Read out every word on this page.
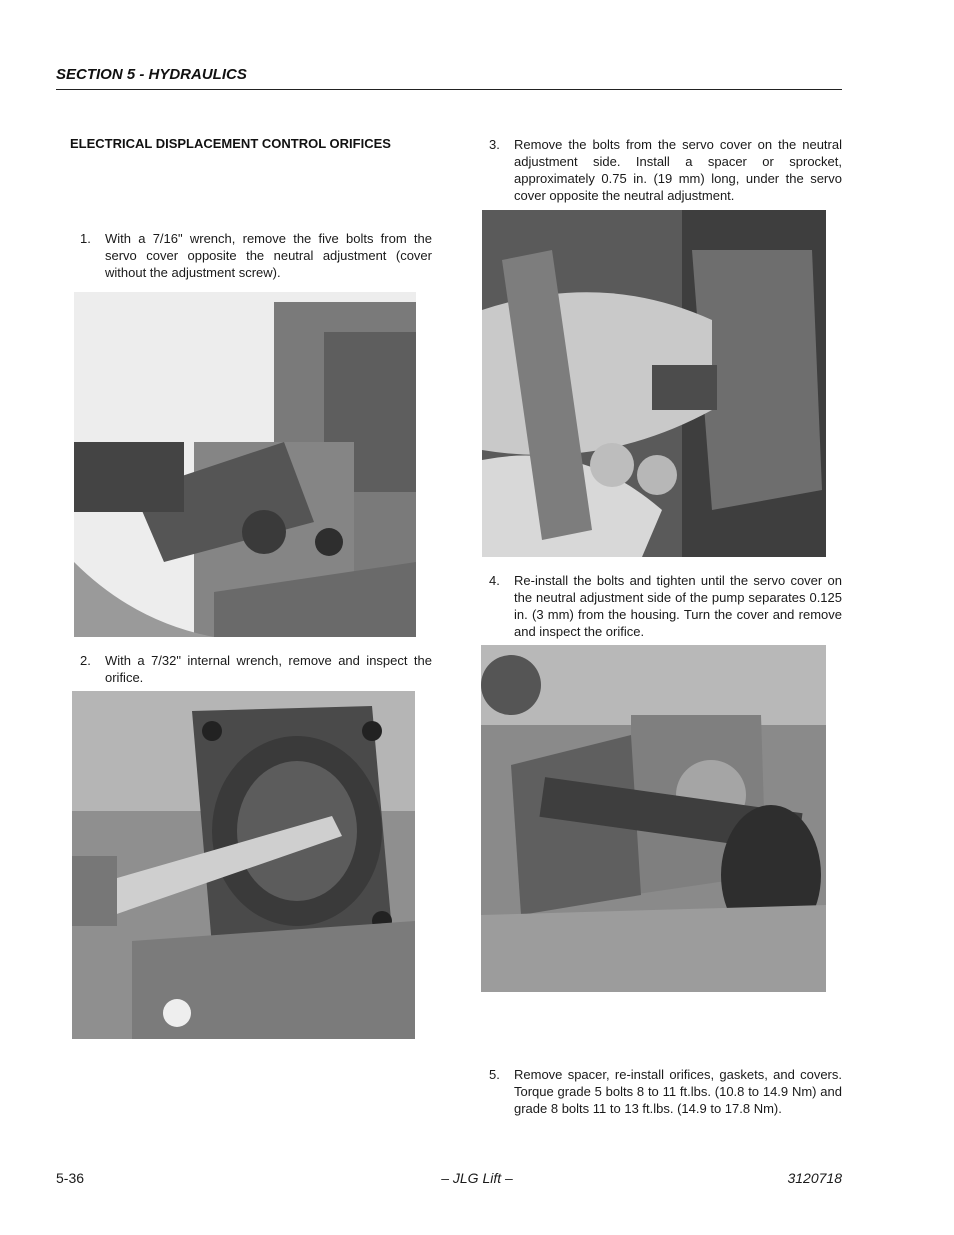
SECTION 5 - HYDRAULICS
ELECTRICAL DISPLACEMENT CONTROL ORIFICES
1. With a 7/16" wrench, remove the five bolts from the servo cover opposite the neutral adjustment (cover without the adjustment screw).
2. With a 7/32" internal wrench, remove and inspect the orifice.
3. Remove the bolts from the servo cover on the neutral adjustment side. Install a spacer or sprocket, approximately 0.75 in. (19 mm) long, under the servo cover opposite the neutral adjustment.
4. Re-install the bolts and tighten until the servo cover on the neutral adjustment side of the pump separates 0.125 in. (3 mm) from the housing. Turn the cover and remove and inspect the orifice.
5. Remove spacer, re-install orifices, gaskets, and covers. Torque grade 5 bolts 8 to 11 ft.lbs. (10.8 to 14.9 Nm) and grade 8 bolts 11 to 13 ft.lbs. (14.9 to 17.8 Nm).
5-36	– JLG Lift –	3120718
